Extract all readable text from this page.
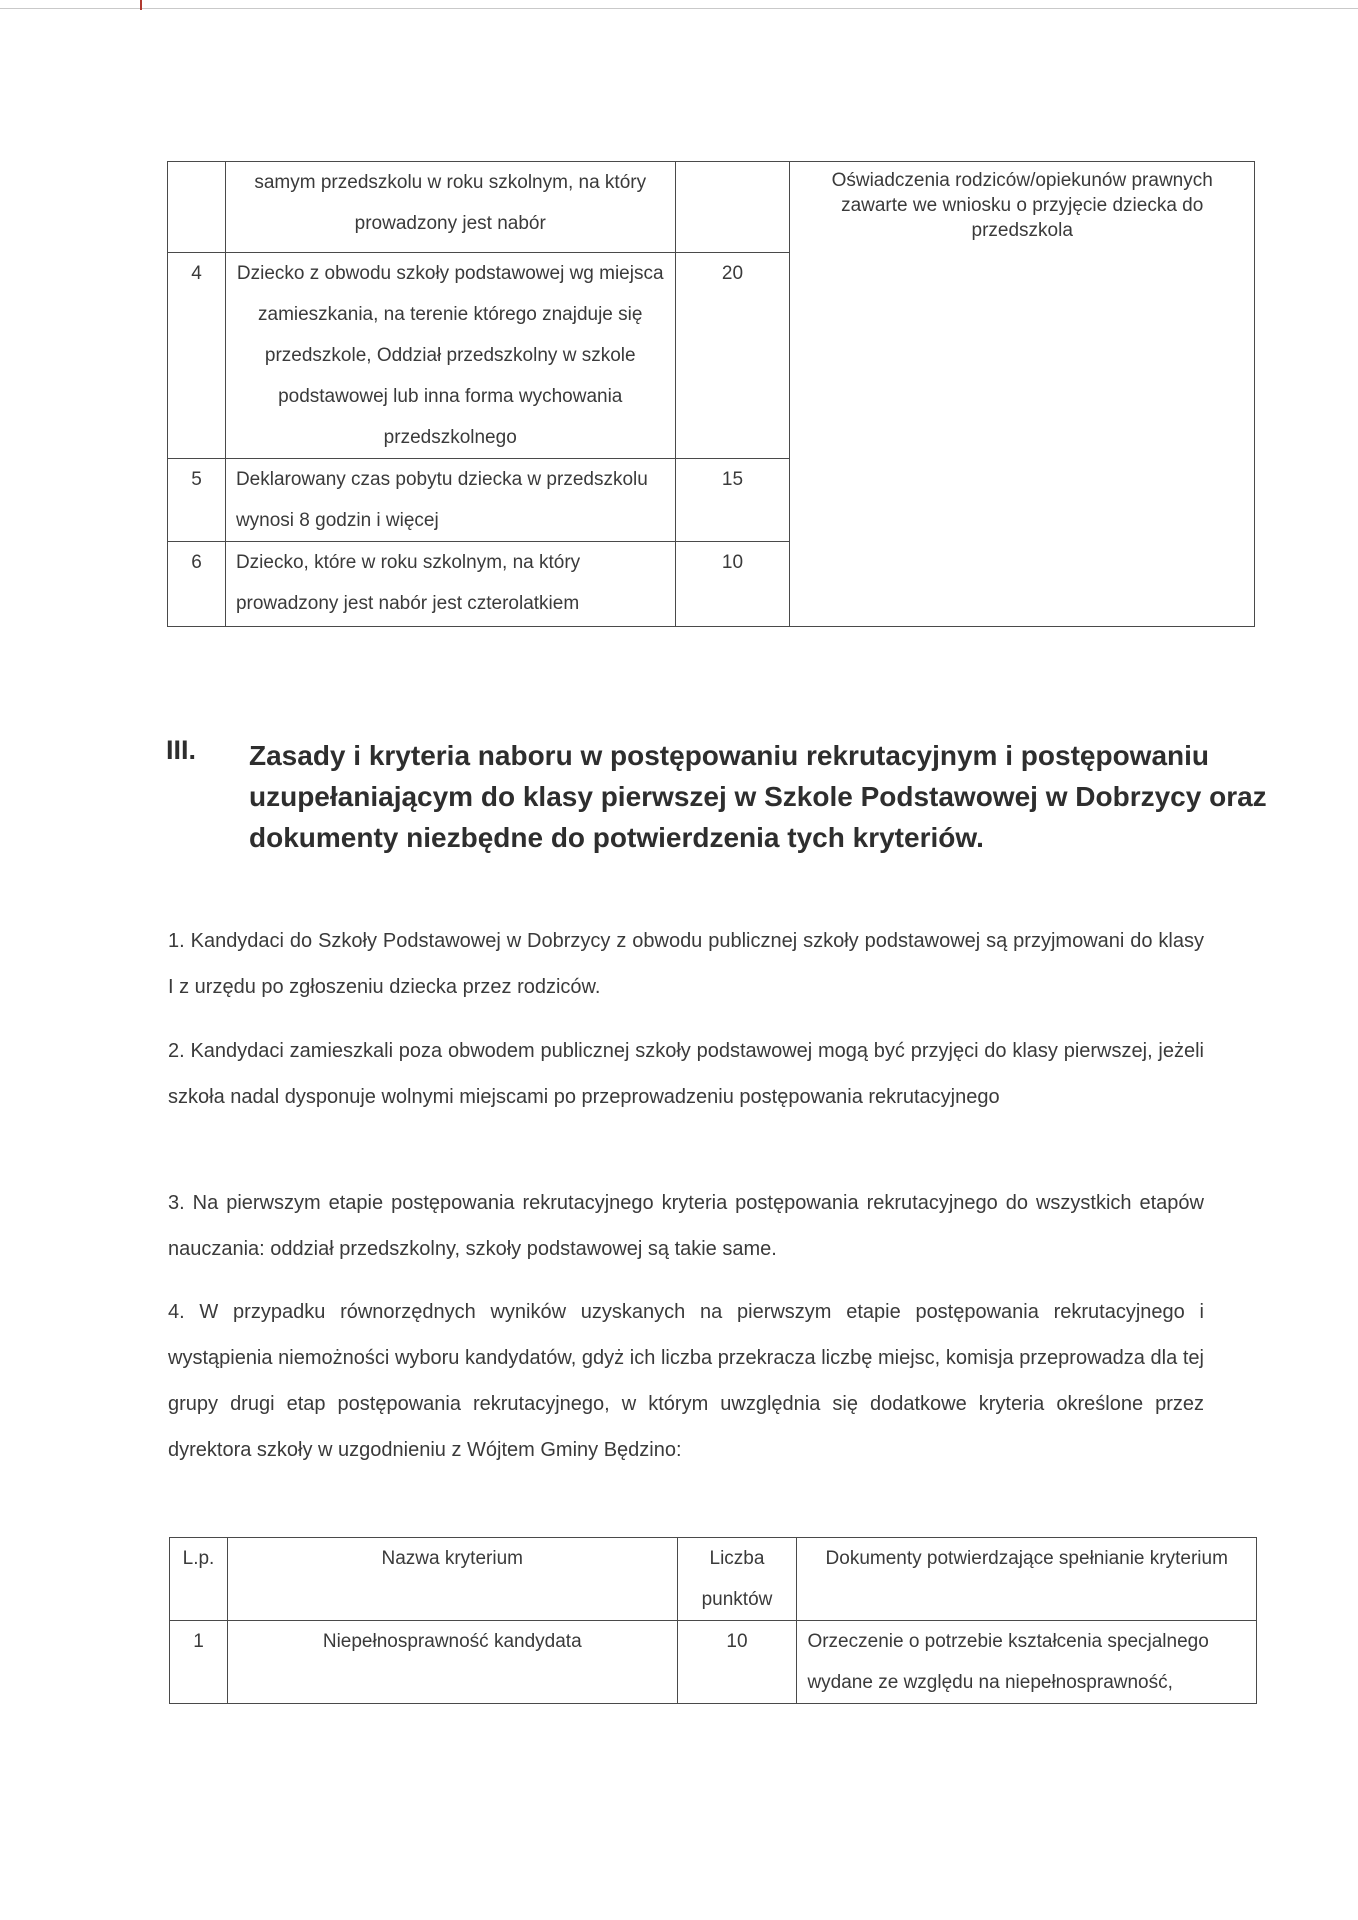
	samym przedszkolu w roku szkolnym, na który prowadzony jest nabór		Oświadczenia rodziców/opiekunów prawnych zawarte we wniosku o przyjęcie dziecka do przedszkola
4	Dziecko z obwodu szkoły podstawowej wg miejsca zamieszkania, na terenie którego znajduje się przedszkole, Oddział przedszkolny w szkole podstawowej lub inna forma wychowania przedszkolnego	20	
5	Deklarowany czas pobytu dziecka w przedszkolu wynosi 8 godzin i więcej	15	
6	Dziecko, które w roku szkolnym, na który prowadzony jest nabór jest czterolatkiem	10	
III. Zasady i kryteria naboru w postępowaniu rekrutacyjnym i postępowaniu uzupełaniającym do klasy pierwszej w Szkole Podstawowej w Dobrzycy oraz dokumenty niezbędne do potwierdzenia tych kryteriów.
1. Kandydaci do Szkoły Podstawowej w Dobrzycy z obwodu publicznej szkoły podstawowej są przyjmowani do klasy I z urzędu po zgłoszeniu dziecka przez rodziców.
2. Kandydaci zamieszkali poza obwodem publicznej szkoły podstawowej mogą być przyjęci do klasy pierwszej, jeżeli szkoła nadal dysponuje wolnymi miejscami po przeprowadzeniu postępowania rekrutacyjnego
3. Na pierwszym etapie postępowania rekrutacyjnego kryteria postępowania rekrutacyjnego do wszystkich etapów nauczania: oddział przedszkolny, szkoły podstawowej są takie same.
4. W przypadku równorzędnych wyników uzyskanych na pierwszym etapie postępowania rekrutacyjnego i wystąpienia niemożności wyboru kandydatów, gdyż ich liczba przekracza liczbę miejsc, komisja przeprowadza dla tej grupy drugi etap postępowania rekrutacyjnego, w którym uwzględnia się dodatkowe kryteria określone przez dyrektora szkoły w uzgodnieniu z Wójtem Gminy Będzino:
L.p.	Nazwa kryterium	Liczba punktów	Dokumenty potwierdzające spełnianie kryterium
1	Niepełnosprawność kandydata	10	Orzeczenie o potrzebie kształcenia specjalnego wydane ze względu na niepełnosprawność,
